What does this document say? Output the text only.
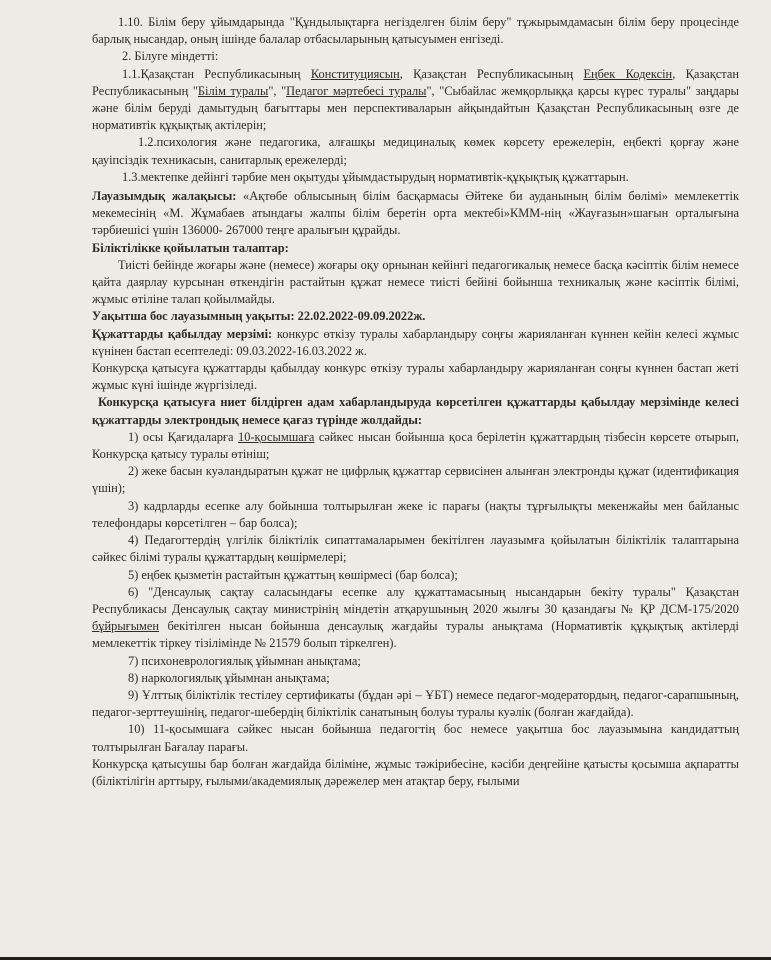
1.10. Білім беру ұйымдарында "Құндылықтарға негізделген білім беру" тұжырымдамасын білім беру процесінде барлық нысандар, оның ішінде балалар отбасыларының қатысуымен енгізеді.

2. Білуге міндетті:

1.1.Қазақстан Республикасының Конституциясын, Қазақстан Республикасының Еңбек Кодексін, Қазақстан Республикасының "Білім туралы", "Педагог мәртебесі туралы", "Сыбайлас жемқорлыққа қарсы күрес туралы" заңдары және білім беруді дамытудың бағыттары мен перспективаларын айқындайтын Қазақстан Республикасының өзге де нормативтік құқықтық актілерін;

1.2.психология және педагогика, алғашқы медициналық көмек көрсету ережелерін, еңбекті қорғау және қауіпсіздік техникасын, санитарлық ережелерді;

1.3.мектепке дейінгі тәрбие мен оқытуды ұйымдастырудың нормативтік-құқықтық құжаттарын.

Лауазымдық жалақысы: «Ақтөбе облысының білім басқармасы Әйтеке би ауданының білім бөлімі» мемлекеттік мекемесінің «М. Жұмабаев атындағы жалпы білім беретін орта мектебі»КММ-нің «Жауғазын»шағын орталығына тәрбиешісі үшін 136000- 267000 теңге аралығын құрайды.

Біліктілікке қойылатын талаптар:

Тиісті бейінде жоғары және (немесе) жоғары оқу орнынан кейінгі педагогикалық немесе басқа кәсіптік білім немесе қайта даярлау курсынан өткендігін растайтын құжат немесе тиісті бейіні бойынша техникалық және кәсіптік білімі, жұмыс өтіліне талап қойылмайды.

Уақытша бос лауазымның уақыты: 22.02.2022-09.09.2022ж.

Құжаттарды қабылдау мерзімі: конкурс өткізу туралы хабарландыру соңғы жарияланған күннен кейін келесі жұмыс күнінен бастап есептеледі: 09.03.2022-16.03.2022 ж.

Конкурсқа қатысуға құжаттарды қабылдау конкурс өткізу туралы хабарландыру жарияланған соңғы күннен бастап жеті жұмыс күні ішінде жүргізіледі.

Конкурсқа қатысуға ниет білдірген адам хабарландыруда көрсетілген құжаттарды қабылдау мерзімінде келесі құжаттарды электрондық немесе қағаз түрінде жолдайды:

1) осы Қағидаларға 10-қосымшаға сәйкес нысан бойынша қоса берілетін құжаттардың тізбесін көрсете отырып, Конкурсқа қатысу туралы өтініш;

2) жеке басын куәландыратын құжат не цифрлық құжаттар сервисінен алынған электронды құжат (идентификация үшін);

3) кадрларды есепке алу бойынша толтырылған жеке іс парағы (нақты тұрғылықты мекенжайы мен байланыс телефондары көрсетілген – бар болса);

4) Педагогтердің үлгілік біліктілік сипаттамаларымен бекітілген лауазымға қойылатын біліктілік талаптарына сәйкес білімі туралы құжаттардың көшірмелері;

5) еңбек қызметін растайтын құжаттың көшірмесі (бар болса);

6) "Денсаулық сақтау саласындағы есепке алу құжаттамасының нысандарын бекіту туралы" Қазақстан Республикасы Денсаулық сақтау министрінің міндетін атқарушының 2020 жылғы 30 қазандағы № ҚР ДСМ-175/2020 бұйрығымен бекітілген нысан бойынша денсаулық жағдайы туралы анықтама (Нормативтік құқықтық актілерді мемлекеттік тіркеу тізілімінде № 21579 болып тіркелген).

7) психоневрологиялық ұйымнан анықтама;

8) наркологиялық ұйымнан анықтама;

9) Ұлттық біліктілік тестілеу сертификаты (бұдан әрі – ҰБТ) немесе педагог-модератордың, педагог-сарапшының, педагог-зерттеушінің, педагог-шебердің біліктілік санатының болуы туралы куәлік (болған жағдайда).

10) 11-қосымшаға сәйкес нысан бойынша педагогтің бос немесе уақытша бос лауазымына кандидаттың толтырылған Бағалау парағы.

Конкурсқа қатысушы бар болған жағдайда біліміне, жұмыс тәжірибесіне, кәсіби деңгейіне қатысты қосымша ақпаратты (біліктілігін арттыру, ғылыми/академиялық дәрежелер мен атақтар беру, ғылыми
